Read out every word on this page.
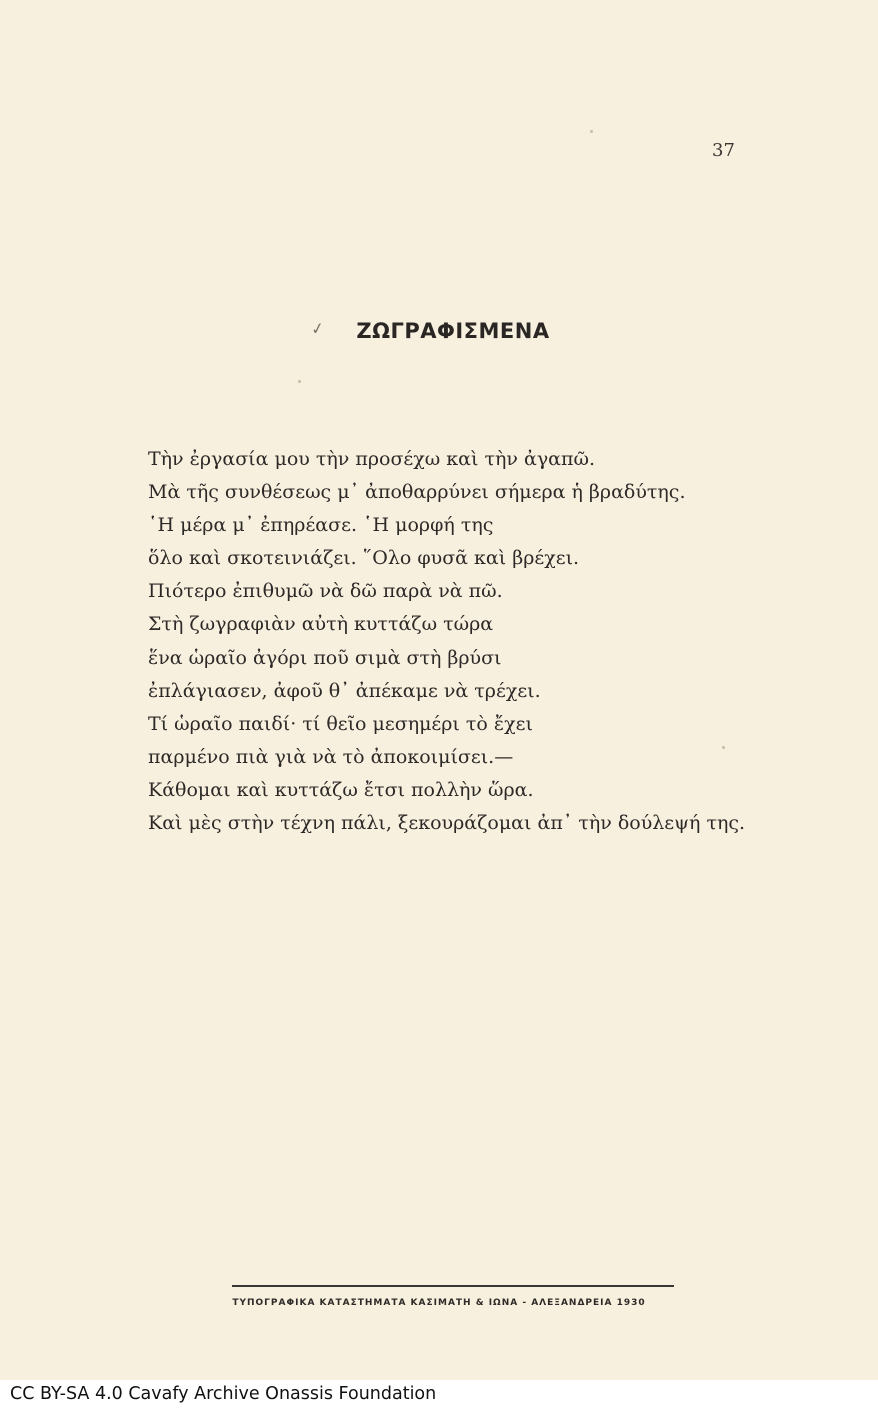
37
✓ ΖΩΓΡΑΦΙΣΜΕΝΑ
Τὴν ἐργασία μου τὴν προσέχω καὶ τὴν ἀγαπῶ.
Μὰ τῆς συνθέσεως μ᾽ ἀποθαρρύνει σήμερα ἡ βραδύτης.
῾Η μέρα μ᾽ ἐπηρέασε. ῾Η μορφή της
ὅλο καὶ σκοτεινιάζει. ῞Ολο φυσᾶ καὶ βρέχει.
Πιότερο ἐπιθυμῶ νὰ δῶ παρὰ νὰ πῶ.
Στὴ ζωγραφιὰν αὐτὴ κυττάζω τώρα
ἕνα ὡραῖο ἀγόρι ποῦ σιμὰ στὴ βρύσι
ἐπλάγιασεν, ἀφοῦ θ᾽ ἀπέκαμε νὰ τρέχει.
Τί ὡραῖο παιδί· τί θεῖο μεσημέρι τὸ ἔχει
παρμένο πιὰ γιὰ νὰ τὸ ἀποκοιμίσει.—
Κάθομαι καὶ κυττάζω ἔτσι πολλὴν ὥρα.
Καὶ μὲς στὴν τέχνη πάλι, ξεκουράζομαι ἀπ᾽ τὴν δούλεψή της.
ΤΥΠΟΓΡΑΦΙΚΑ ΚΑΤΑΣΤΗΜΑΤΑ ΚΑΣΙΜΑΤΗ & ΙΩΝΑ - ΑΛΕΞΑΝΔΡΕΙΑ 1930
CC BY-SA 4.0 Cavafy Archive Onassis Foundation
